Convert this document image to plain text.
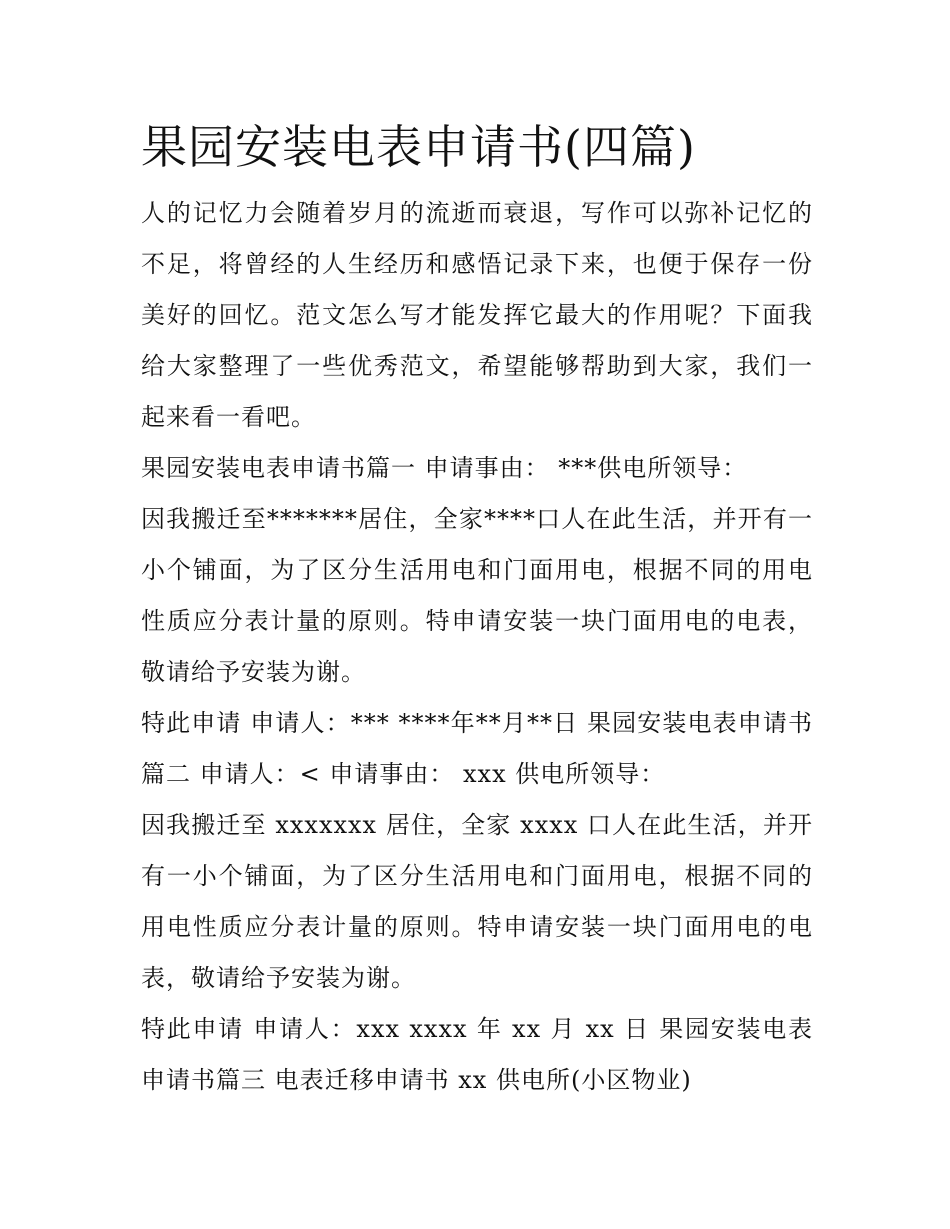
果园安装电表申请书(四篇)

人的记忆力会随着岁月的流逝而衰退，写作可以弥补记忆的不足，将曾经的人生经历和感悟记录下来，也便于保存一份美好的回忆。范文怎么写才能发挥它最大的作用呢？下面我给大家整理了一些优秀范文，希望能够帮助到大家，我们一起来看一看吧。

果园安装电表申请书篇一 申请事由： ***供电所领导：

因我搬迁至*******居住，全家****口人在此生活，并开有一小个铺面，为了区分生活用电和门面用电，根据不同的用电性质应分表计量的原则。特申请安装一块门面用电的电表，敬请给予安装为谢。

特此申请 申请人：*** ****年**月**日 果园安装电表申请书篇二 申请人：< 申请事由： xxx 供电所领导：

因我搬迁至 xxxxxxx 居住，全家 xxxx 口人在此生活，并开有一小个铺面，为了区分生活用电和门面用电，根据不同的用电性质应分表计量的原则。特申请安装一块门面用电的电表，敬请给予安装为谢。

特此申请 申请人：xxx xxxx 年 xx 月 xx 日 果园安装电表申请书篇三 电表迁移申请书 xx 供电所(小区物业)
